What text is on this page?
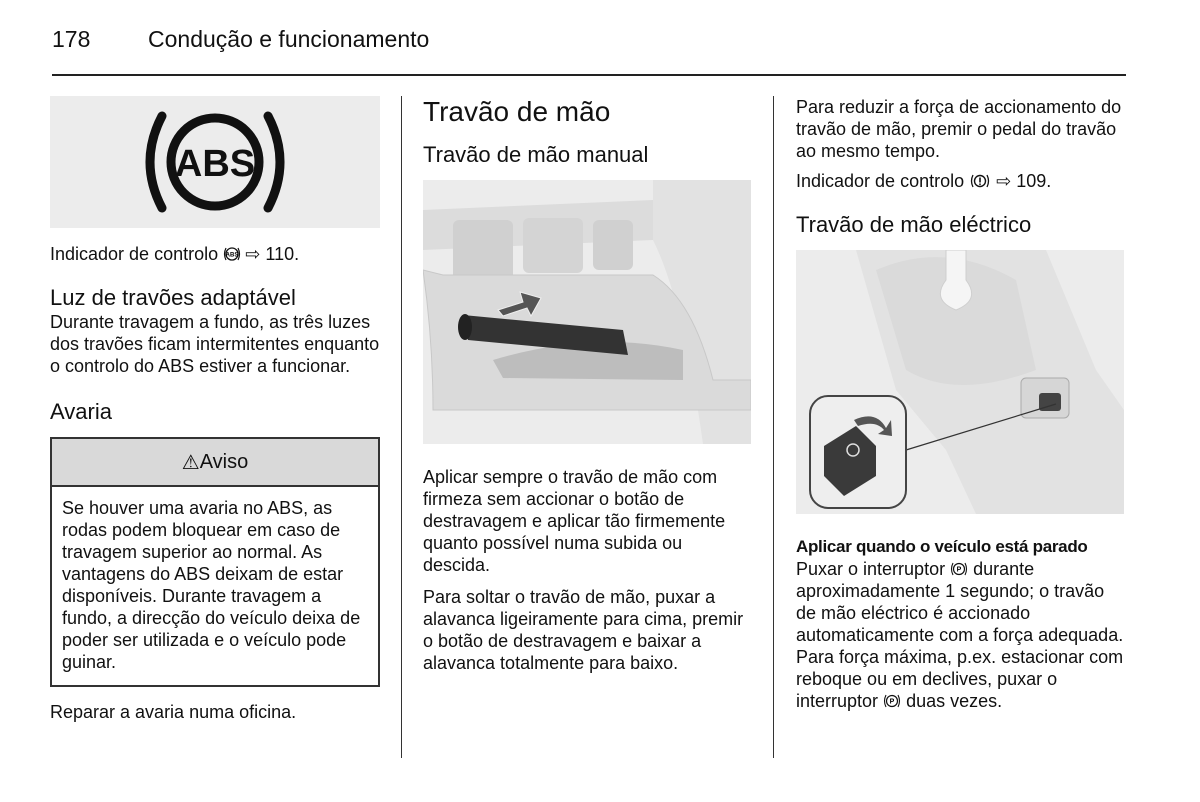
178	Condução e funcionamento
ABS

Indicador de controlo ABS ⇨ 110.

Luz de travões adaptável

Durante travagem a fundo, as três luzes dos travões ficam intermitentes enquanto o controlo do ABS estiver a funcionar.

Avaria
⚠ Aviso

Se houver uma avaria no ABS, as rodas podem bloquear em caso de travagem superior ao normal. As vantagens do ABS deixam de estar disponíveis. Durante travagem a fundo, a direcção do veículo deixa de poder ser utilizada e o veículo pode guinar.

Reparar a avaria numa oficina.

Travão de mão
Travão de mão manual

Aplicar sempre o travão de mão com firmeza sem accionar o botão de destravagem e aplicar tão firmemente quanto possível numa subida ou descida.

Para soltar o travão de mão, puxar a alavanca ligeiramente para cima, premir o botão de destravagem e baixar a alavanca totalmente para baixo.

Para reduzir a força de accionamento do travão de mão, premir o pedal do travão ao mesmo tempo.

Indicador de controlo ⇨ 109.

Travão de mão eléctrico

Aplicar quando o veículo está parado

Puxar o interruptor P durante aproximadamente 1 segundo; o travão de mão eléctrico é accionado automaticamente com a força adequada. Para força máxima, p.ex. estacionar com reboque ou em declives, puxar o interruptor P duas vezes.
